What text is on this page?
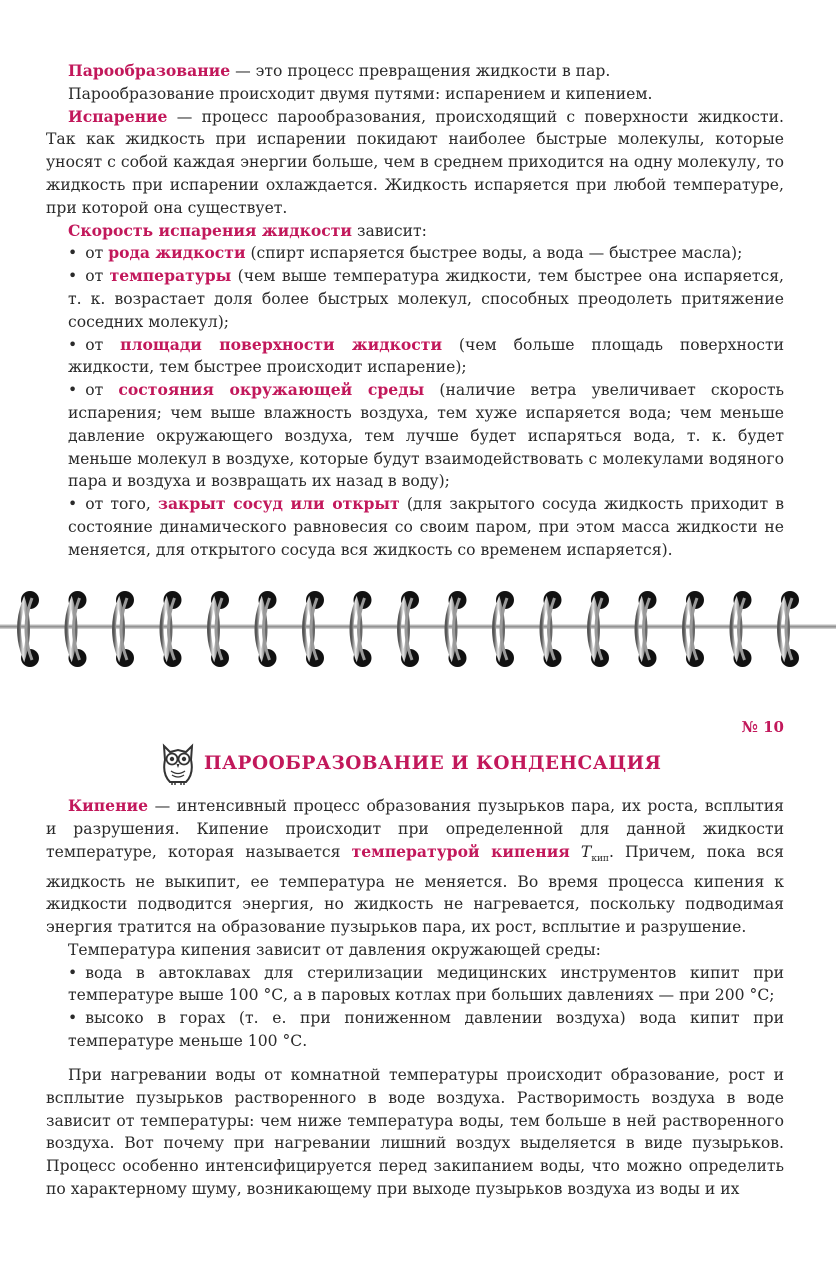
Парообразование — это процесс превращения жидкости в пар.

Парообразование происходит двумя путями: испарением и кипением.

Испарение — процесс парообразования, происходящий с поверхности жидкости. Так как жидкость при испарении покидают наиболее быстрые молекулы, которые уносят с собой каждая энергии больше, чем в среднем приходится на одну молекулу, то жидкость при испарении охлаждается. Жидкость испаряется при любой температуре, при которой она существует.

Скорость испарения жидкости зависит:

• от рода жидкости (спирт испаряется быстрее воды, а вода — быстрее масла);

• от температуры (чем выше температура жидкости, тем быстрее она испаряется, т. к. возрастает доля более быстрых молекул, способных преодолеть притяжение соседних молекул);

• от площади поверхности жидкости (чем больше площадь поверхности жидкости, тем быстрее происходит испарение);

• от состояния окружающей среды (наличие ветра увеличивает скорость испарения; чем выше влажность воздуха, тем хуже испаряется вода; чем меньше давление окружающего воздуха, тем лучше будет испаряться вода, т. к. будет меньше молекул в воздухе, которые будут взаимодействовать с молекулами водяного пара и воздуха и возвращать их назад в воду);

• от того, закрыт сосуд или открыт (для закрытого сосуда жидкость приходит в состояние динамического равновесия со своим паром, при этом масса жидкости не меняется, для открытого сосуда вся жидкость со временем испаряется).

№ 10
ПАРООБРАЗОВАНИЕ И КОНДЕНСАЦИЯ

Кипение — интенсивный процесс образования пузырьков пара, их роста, всплытия и разрушения. Кипение происходит при определенной для данной жидкости температуре, которая называется температурой кипения $T_{кип}$. Причем, пока вся жидкость не выкипит, ее температура не меняется. Во время процесса кипения к жидкости подводится энергия, но жидкость не нагревается, поскольку подводимая энергия тратится на образование пузырьков пара, их рост, всплытие и разрушение.

Температура кипения зависит от давления окружающей среды:

• вода в автоклавах для стерилизации медицинских инструментов кипит при температуре выше 100 °С, а в паровых котлах при больших давлениях — при 200 °С;

• высоко в горах (т. е. при пониженном давлении воздуха) вода кипит при температуре меньше 100 °С.

При нагревании воды от комнатной температуры происходит образование, рост и всплытие пузырьков растворенного в воде воздуха. Растворимость воздуха в воде зависит от температуры: чем ниже температура воды, тем больше в ней растворенного воздуха. Вот почему при нагревании лишний воздух выделяется в виде пузырьков. Процесс особенно интенсифицируется перед закипанием воды, что можно определить по характерному шуму, возникающему при выходе пузырьков воздуха из воды и их
